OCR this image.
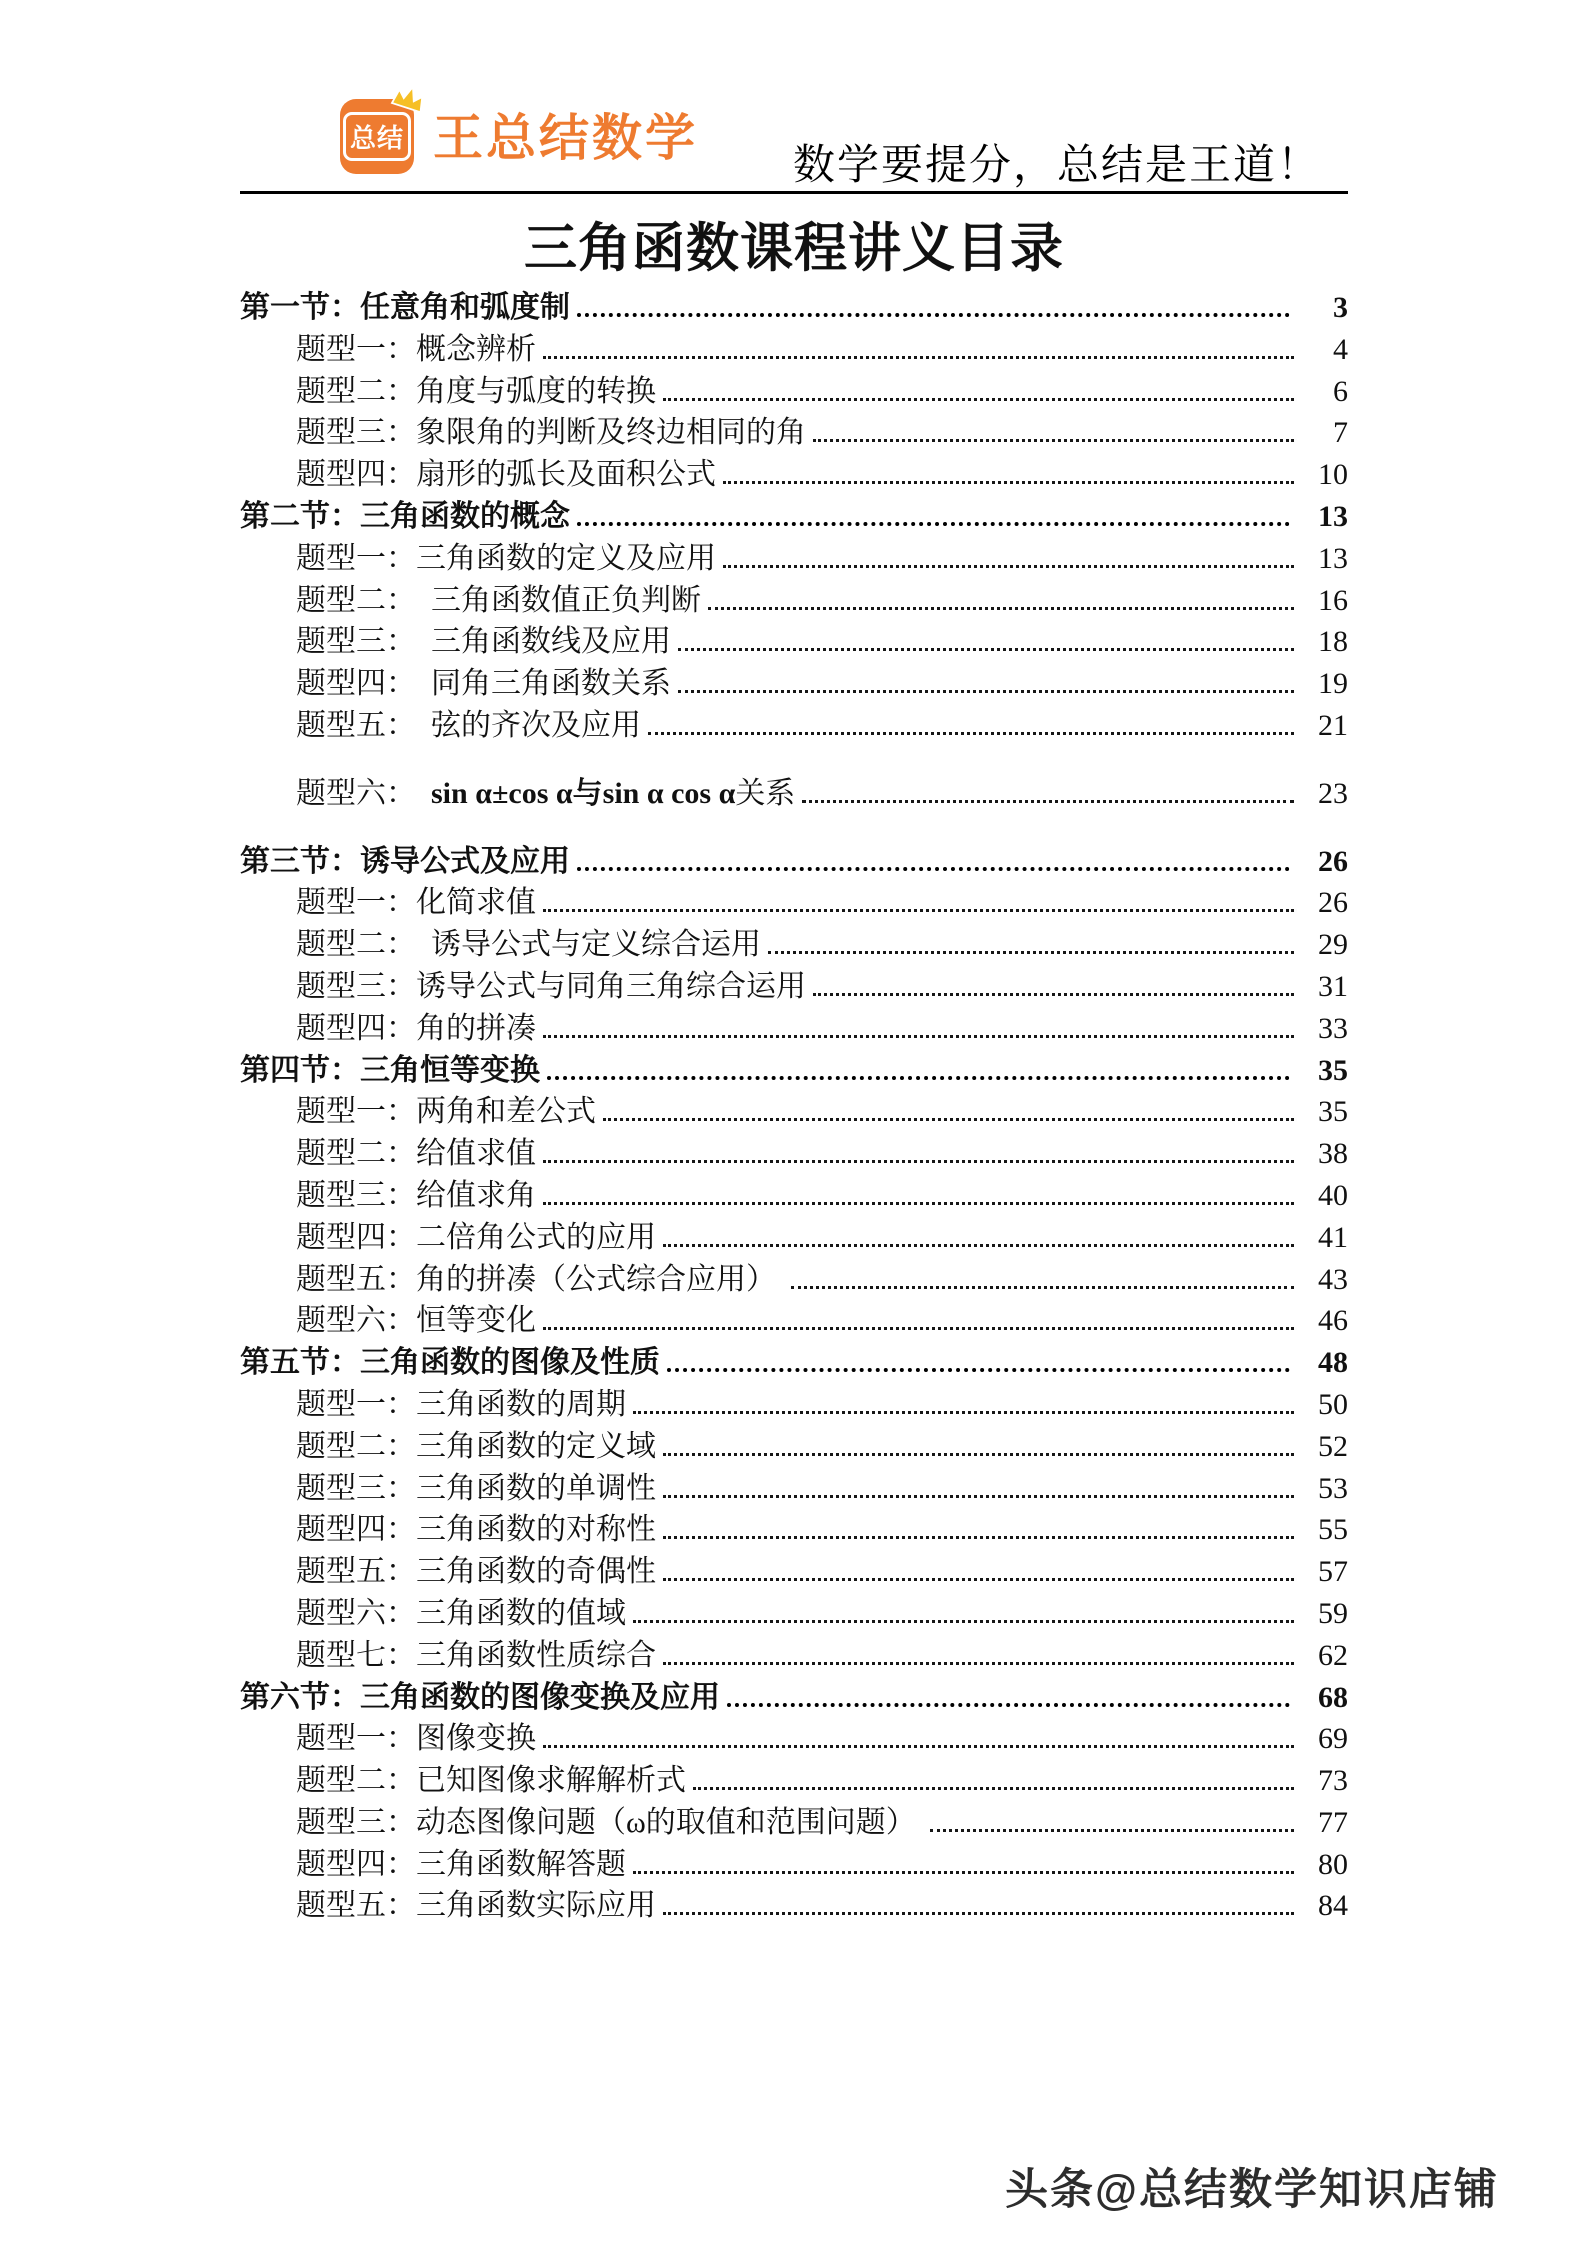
总结 王总结数学 数学要提分，总结是王道！
三角函数课程讲义目录
第一节：任意角和弧度制	3
题型一：概念辨析	4
题型二：角度与弧度的转换	6
题型三：象限角的判断及终边相同的角	7
题型四：扇形的弧长及面积公式	10
第二节：三角函数的概念	13
题型一：三角函数的定义及应用	13
题型二：　三角函数值正负判断	16
题型三：　三角函数线及应用	18
题型四：　同角三角函数关系	19
题型五：　弦的齐次及应用	21
题型六：　 sin α±cos α 与 sin α cos α 关系	23
第三节：诱导公式及应用	26
题型一：化简求值	26
题型二：　诱导公式与定义综合运用	29
题型三：诱导公式与同角三角综合运用	31
题型四：角的拼凑	33
第四节：三角恒等变换	35
题型一：两角和差公式	35
题型二：给值求值	38
题型三：给值求角	40
题型四：二倍角公式的应用	41
题型五：角的拼凑（公式综合应用）	43
题型六：恒等变化	46
第五节：三角函数的图像及性质	48
题型一：三角函数的周期	50
题型二：三角函数的定义域	52
题型三：三角函数的单调性	53
题型四：三角函数的对称性	55
题型五：三角函数的奇偶性	57
题型六：三角函数的值域	59
题型七：三角函数性质综合	62
第六节：三角函数的图像变换及应用	68
题型一：图像变换	69
题型二：已知图像求解解析式	73
题型三：动态图像问题（ω的取值和范围问题）	77
题型四：三角函数解答题	80
题型五：三角函数实际应用	84
头条@总结数学知识店铺
